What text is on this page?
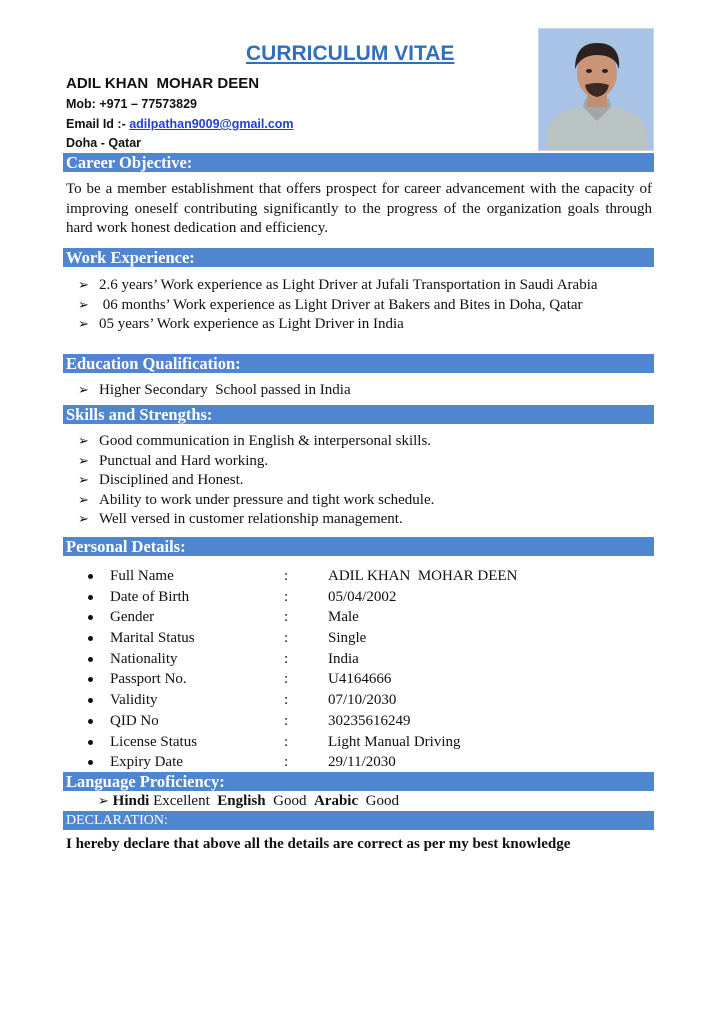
CURRICULUM VITAE
ADIL KHAN  MOHAR DEEN
Mob: +971 – 77573829
Email Id :- adilpathan9009@gmail.com
Doha - Qatar
Career Objective:
To be a member establishment that offers prospect for career advancement with the capacity of improving oneself contributing significantly to the progress of the organization goals through hard work honest dedication and efficiency.
Work Experience:
➢ 2.6 years’ Work experience as Light Driver at Jufali Transportation in Saudi Arabia
➢ 06 months’ Work experience as Light Driver at Bakers and Bites in Doha, Qatar
➢ 05 years’ Work experience as Light Driver in India
Education Qualification:
➢ Higher Secondary  School passed in India
Skills and Strengths:
➢ Good communication in English & interpersonal skills.
➢ Punctual and Hard working.
➢ Disciplined and Honest.
➢ Ability to work under pressure and tight work schedule.
➢ Well versed in customer relationship management.
Personal Details:
Full Name	:	ADIL KHAN  MOHAR DEEN
Date of Birth	:	05/04/2002
Gender	:	Male
Marital Status	:	Single
Nationality	:	India
Passport No.	:	U4164666
Validity	:	07/10/2030
QID No	:	30235616249
License Status	:	Light Manual Driving
Expiry Date	:	29/11/2030
Language Proficiency:
➢ Hindi Excellent English Good Arabic Good
DECLARATION:
I hereby declare that above all the details are correct as per my best knowledge
